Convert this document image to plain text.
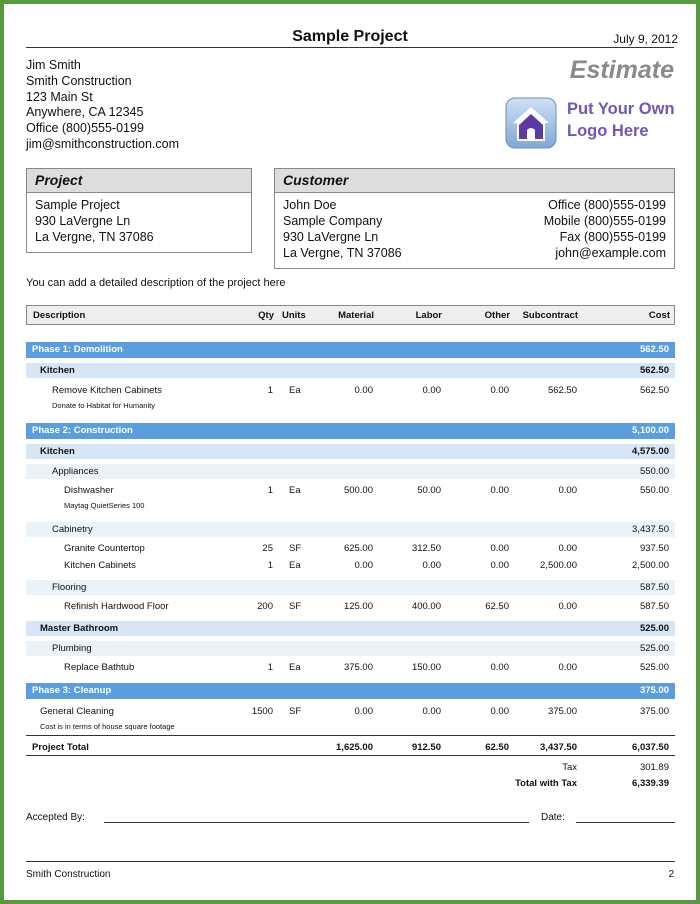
Sample Project	July 9, 2012
Jim Smith
Smith Construction
123 Main St
Anywhere, CA 12345
Office (800)555-0199
jim@smithconstruction.com
Estimate
Put Your Own
Logo Here
Project
Sample Project
930 LaVergne Ln
La Vergne, TN 37086
Customer
John Doe
Sample Company
930 LaVergne Ln
La Vergne, TN 37086
Office (800)555-0199
Mobile (800)555-0199
Fax (800)555-0199
john@example.com
You can add a detailed description of the project here
Description	Qty Units	Material	Labor	Other	Subcontract	Cost
Phase 1: Demolition	562.50
Kitchen	562.50
Remove Kitchen Cabinets	1 Ea	0.00	0.00	0.00	562.50	562.50
Donate to Habitat for Humanity
Phase 2: Construction	5,100.00
Kitchen	4,575.00
Appliances	550.00
Dishwasher	1 Ea	500.00	50.00	0.00	0.00	550.00
Maytag QuietSeries 100
Cabinetry	3,437.50
Granite Countertop	25 SF	625.00	312.50	0.00	0.00	937.50
Kitchen Cabinets	1 Ea	0.00	0.00	0.00	2,500.00	2,500.00
Flooring	587.50
Refinish Hardwood Floor	200 SF	125.00	400.00	62.50	0.00	587.50
Master Bathroom	525.00
Plumbing	525.00
Replace Bathtub	1 Ea	375.00	150.00	0.00	0.00	525.00
Phase 3: Cleanup	375.00
General Cleaning	1500 SF	0.00	0.00	0.00	375.00	375.00
Cost is in terms of house square footage
Project Total	1,625.00	912.50	62.50	3,437.50	6,037.50
Tax	301.89
Total with Tax	6,339.39
Accepted By:	Date:
Smith Construction	2
